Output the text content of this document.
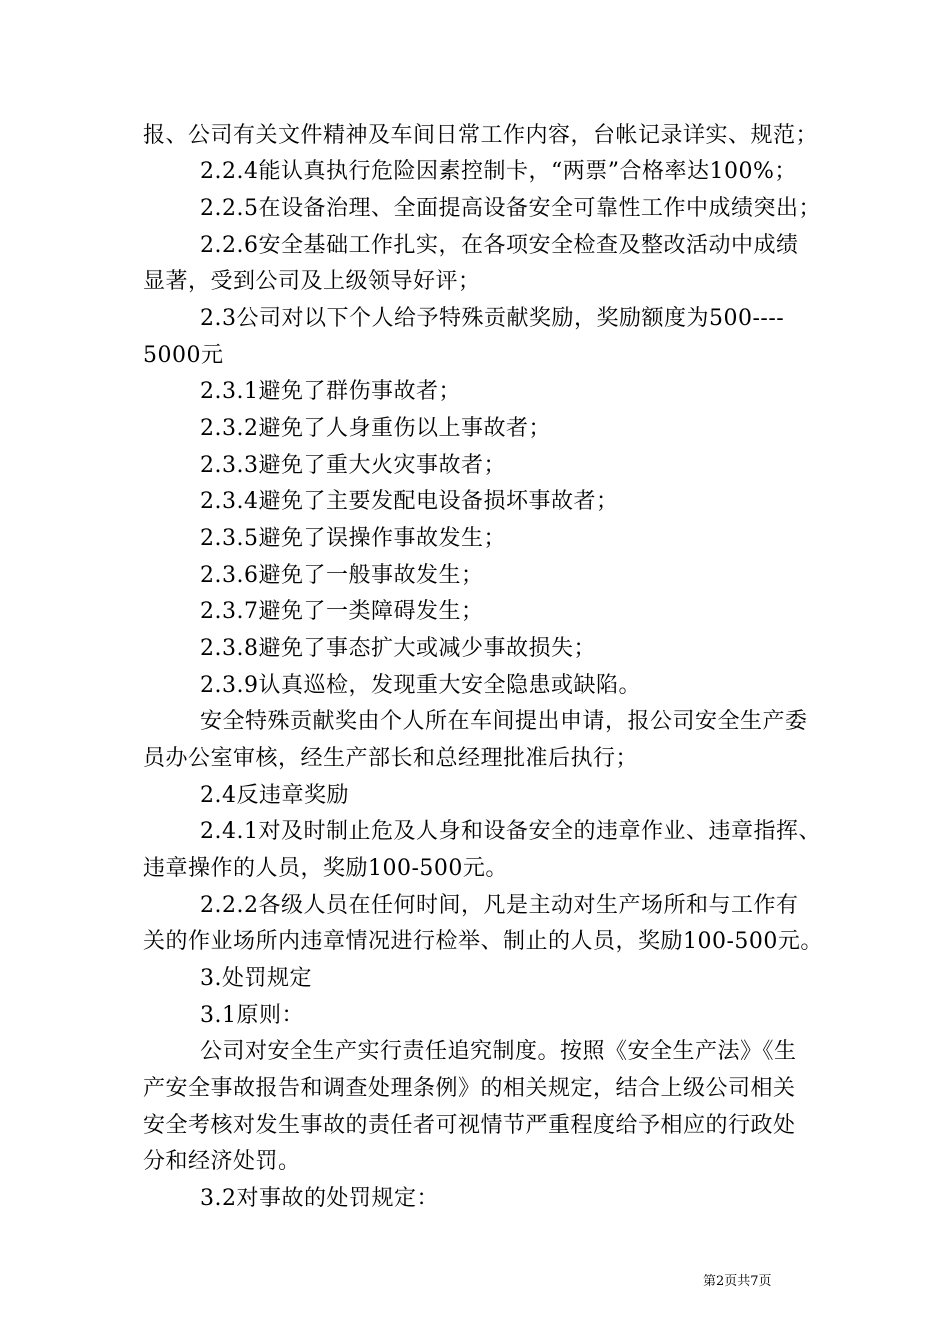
报、公司有关文件精神及车间日常工作内容，台帐记录详实、规范；

2.2.4能认真执行危险因素控制卡，“两票”合格率达100%；

2.2.5在设备治理、全面提高设备安全可靠性工作中成绩突出；

2.2.6安全基础工作扎实，在各项安全检查及整改活动中成绩

显著，受到公司及上级领导好评；

2.3公司对以下个人给予特殊贡献奖励，奖励额度为500----

5000元

2.3.1避免了群伤事故者；

2.3.2避免了人身重伤以上事故者；

2.3.3避免了重大火灾事故者；

2.3.4避免了主要发配电设备损坏事故者；

2.3.5避免了误操作事故发生；

2.3.6避免了一般事故发生；

2.3.7避免了一类障碍发生；

2.3.8避免了事态扩大或减少事故损失；

2.3.9认真巡检，发现重大安全隐患或缺陷。

安全特殊贡献奖由个人所在车间提出申请，报公司安全生产委

员办公室审核，经生产部长和总经理批准后执行；

2.4反违章奖励

2.4.1对及时制止危及人身和设备安全的违章作业、违章指挥、

违章操作的人员，奖励100-500元。

2.2.2各级人员在任何时间，凡是主动对生产场所和与工作有

关的作业场所内违章情况进行检举、制止的人员，奖励100-500元。

3.处罚规定

3.1原则：

公司对安全生产实行责任追究制度。按照《安全生产法》《生

产安全事故报告和调查处理条例》的相关规定，结合上级公司相关

安全考核对发生事故的责任者可视情节严重程度给予相应的行政处

分和经济处罚。

3.2对事故的处罚规定：

第2页共7页
